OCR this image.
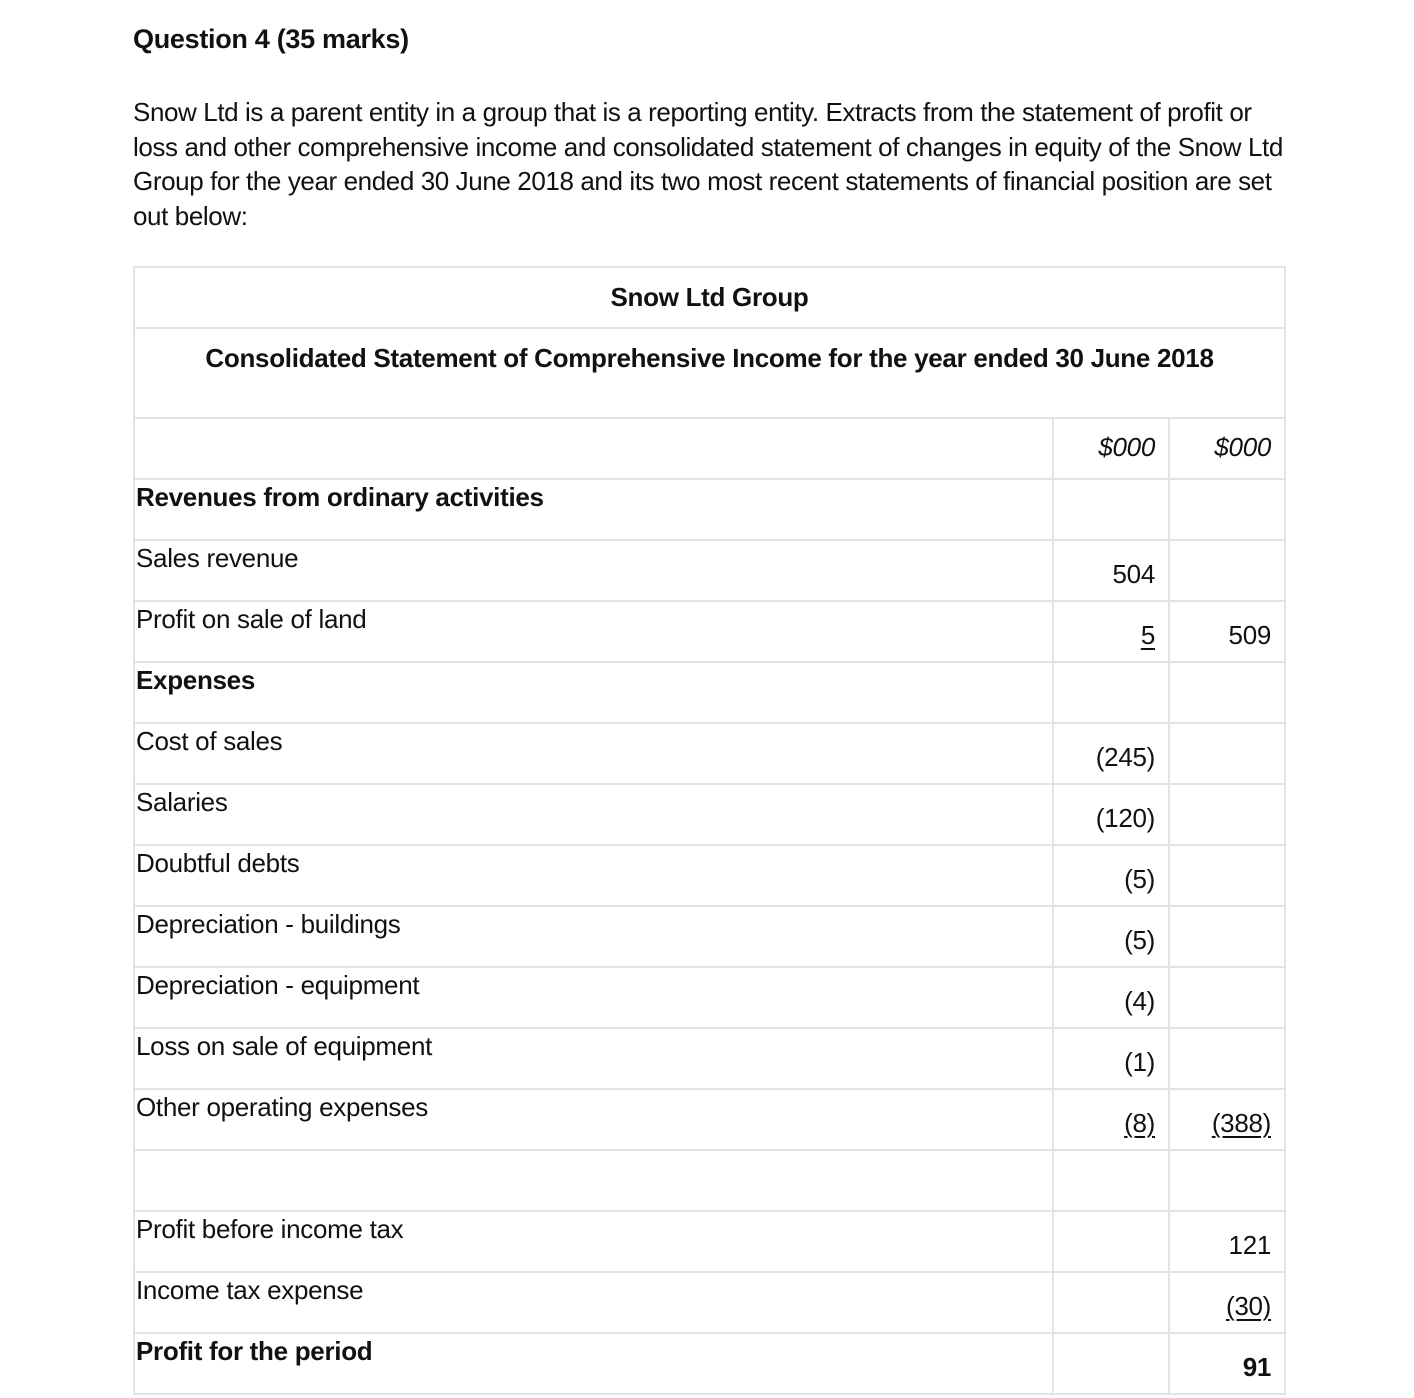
Question 4 (35 marks)
Snow Ltd is a parent entity in a group that is a reporting entity. Extracts from the statement of profit or loss and other comprehensive income and consolidated statement of changes in equity of the Snow Ltd Group for the year ended 30 June 2018 and its two most recent statements of financial position are set out below:
Snow Ltd Group		

Consolidated Statement of Comprehensive Income for the year ended 30 June 2018		

	$000	$000

Revenues from ordinary activities		

Sales revenue	504	

Profit on sale of land	5	509

Expenses		

Cost of sales	(245)	

Salaries	(120)	

Doubtful debts	(5)	

Depreciation - buildings	(5)	

Depreciation - equipment	(4)	

Loss on sale of equipment	(1)	

Other operating expenses	(8)	(388)

Profit before income tax		121

Income tax expense		(30)

Profit for the period		91
